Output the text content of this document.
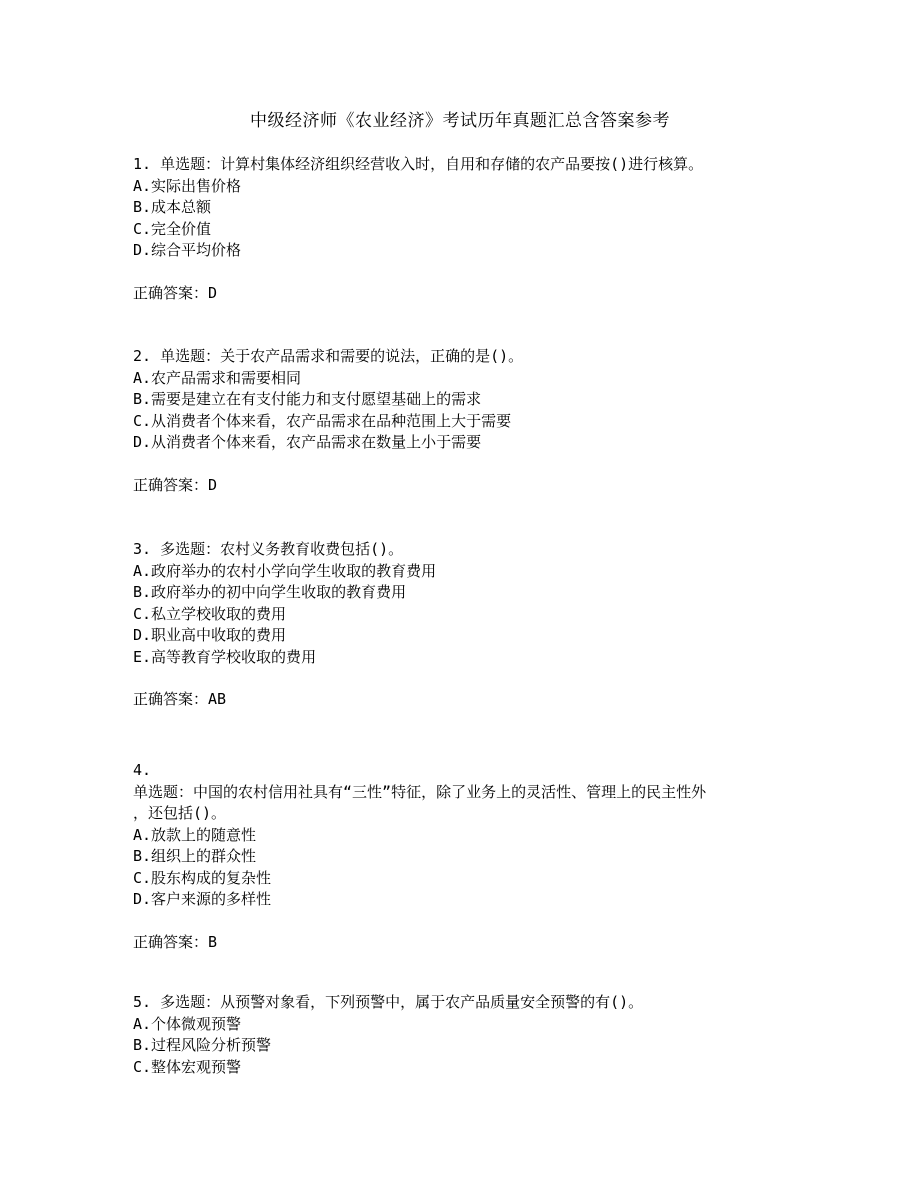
中级经济师《农业经济》考试历年真题汇总含答案参考
1. 单选题：计算村集体经济组织经营收入时，自用和存储的农产品要按()进行核算。
A.实际出售价格
B.成本总额
C.完全价值
D.综合平均价格
正确答案：D
2. 单选题：关于农产品需求和需要的说法，正确的是()。
A.农产品需求和需要相同
B.需要是建立在有支付能力和支付愿望基础上的需求
C.从消费者个体来看，农产品需求在品种范围上大于需要
D.从消费者个体来看，农产品需求在数量上小于需要
正确答案：D
3. 多选题：农村义务教育收费包括()。
A.政府举办的农村小学向学生收取的教育费用
B.政府举办的初中向学生收取的教育费用
C.私立学校收取的费用
D.职业高中收取的费用
E.高等教育学校收取的费用
正确答案：AB
4.
单选题：中国的农村信用社具有“三性”特征，除了业务上的灵活性、管理上的民主性外
，还包括()。
A.放款上的随意性
B.组织上的群众性
C.股东构成的复杂性
D.客户来源的多样性
正确答案：B
5. 多选题：从预警对象看，下列预警中，属于农产品质量安全预警的有()。
A.个体微观预警
B.过程风险分析预警
C.整体宏观预警
